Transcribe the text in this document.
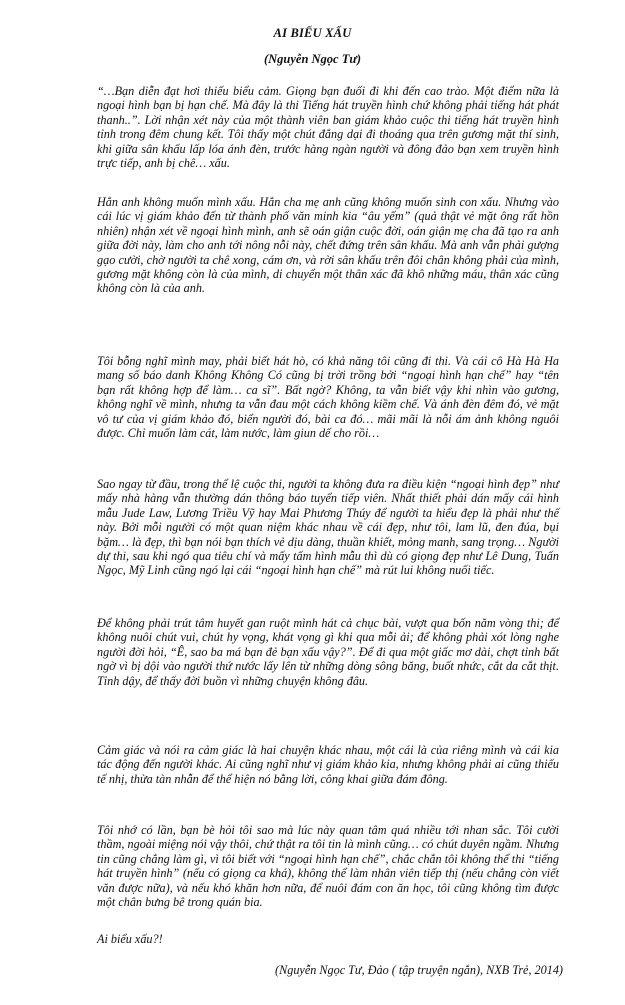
AI BIẾU XẤU

(Nguyễn Ngọc Tư)

“…Bạn diễn đạt hơi thiếu biểu cảm. Giọng bạn đuối đi khi đến cao trào. Một điểm nữa là ngoại hình bạn bị hạn chế. Mà đây là thi Tiếng hát truyền hình chứ không phải tiếng hát phát thanh..”. Lời nhận xét này của một thành viên ban giám khảo cuộc thi tiếng hát truyền hình tỉnh trong đêm chung kết. Tôi thấy một chút đắng dại đi thoáng qua trên gương mặt thí sinh, khi giữa sân khấu lấp lóa ánh đèn, trước hàng ngàn người và đông đảo bạn xem truyền hình trực tiếp, anh bị chê… xấu.

Hẳn anh không muốn mình xấu. Hẳn cha mẹ anh cũng không muốn sinh con xấu. Nhưng vào cái lúc vị giám khảo đến từ thành phố văn minh kia “âu yếm” (quả thật vẻ mặt ông rất hồn nhiên) nhận xét về ngoại hình mình, anh sẽ oán giận cuộc đời, oán giận mẹ cha đã tạo ra anh giữa đời này, làm cho anh tới nông nỗi này, chết đứng trên sân khấu. Mà anh vẫn phải gượng gạo cười, chờ người ta chê xong, cám ơn, và rời sân khấu trên đôi chân không phải của mình, gương mặt không còn là của mình, di chuyển một thân xác đã khô những máu, thân xác cũng không còn là của anh.

Tôi bỗng nghĩ mình may, phải biết hát hò, có khả năng tôi cũng đi thi. Và cái cô Hà Hà Ha mang số báo danh Không Không Có cũng bị trời trồng bởi “ngoại hình hạn chế” hay “tên bạn rất không hợp để làm… ca sĩ”. Bất ngờ? Không, ta vẫn biết vậy khi nhìn vào gương, không nghĩ về mình, nhưng ta vẫn đau một cách không kiềm chế. Và ánh đèn đêm đó, vẻ mặt vô tư của vị giám khảo đó, biển người đó, bài ca đó… mãi mãi là nỗi ám ảnh không nguôi được. Chỉ muốn làm cát, làm nước, làm giun dế cho rồi…

Sao ngay từ đầu, trong thể lệ cuộc thi, người ta không đưa ra điều kiện “ngoại hình đẹp” như mấy nhà hàng vẫn thường dán thông báo tuyển tiếp viên. Nhất thiết phải dán mấy cái hình mẫu Jude Law, Lương Triều Vỹ hay Mai Phương Thúy để người ta hiểu đẹp là phải như thế này. Bởi mỗi người có một quan niệm khác nhau về cái đẹp, như tôi, lam lũ, đen đúa, bụi bặm… là đẹp, thì bạn nói bạn thích vẻ dịu dàng, thuần khiết, mỏng manh, sang trọng… Người dự thi, sau khi ngó qua tiêu chí và mấy tấm hình mẫu thì dù có giọng đẹp như Lê Dung, Tuấn Ngọc, Mỹ Linh cũng ngó lại cái “ngoại hình hạn chế” mà rút lui không nuối tiếc.

Để không phải trút tâm huyết gan ruột mình hát cả chục bài, vượt qua bốn năm vòng thi; để không nuôi chút vui, chút hy vọng, khát vọng gì khi qua mỗi ải; để không phải xót lòng nghe người đời hỏi, “Ê, sao ba má bạn đẻ bạn xấu vậy?”. Để đi qua một giấc mơ dài, chợt tỉnh bất ngờ vì bị dội vào người thứ nước lấy lên từ những dòng sông băng, buốt nhức, cắt da cắt thịt. Tỉnh dậy, để thấy đời buồn vì những chuyện không đâu.

Cảm giác và nói ra cảm giác là hai chuyện khác nhau, một cái là của riêng mình và cái kia tác động đến người khác. Ai cũng nghĩ như vị giám khảo kia, nhưng không phải ai cũng thiếu tế nhị, thừa tàn nhẫn để thể hiện nó bằng lời, công khai giữa đám đông.

Tôi nhớ có lần, bạn bè hỏi tôi sao mà lúc này quan tâm quá nhiều tới nhan sắc. Tôi cười thầm, ngoài miệng nói vậy thôi, chứ thật ra tôi tin là mình cũng… có chút duyên ngầm. Nhưng tin cũng chẳng làm gì, vì tôi biết với “ngoại hình hạn chế”, chắc chắn tôi không thể thi “tiếng hát truyền hình” (nếu có giọng ca khá), không thể làm nhân viên tiếp thị (nếu chẳng còn viết văn được nữa), và nếu khó khăn hơn nữa, để nuôi đám con ăn học, tôi cũng không tìm được một chân bưng bê trong quán bia.

Ai biểu xấu?!

(Nguyễn Ngọc Tư, Đảo ( tập truyện ngắn), NXB Trẻ, 2014)
